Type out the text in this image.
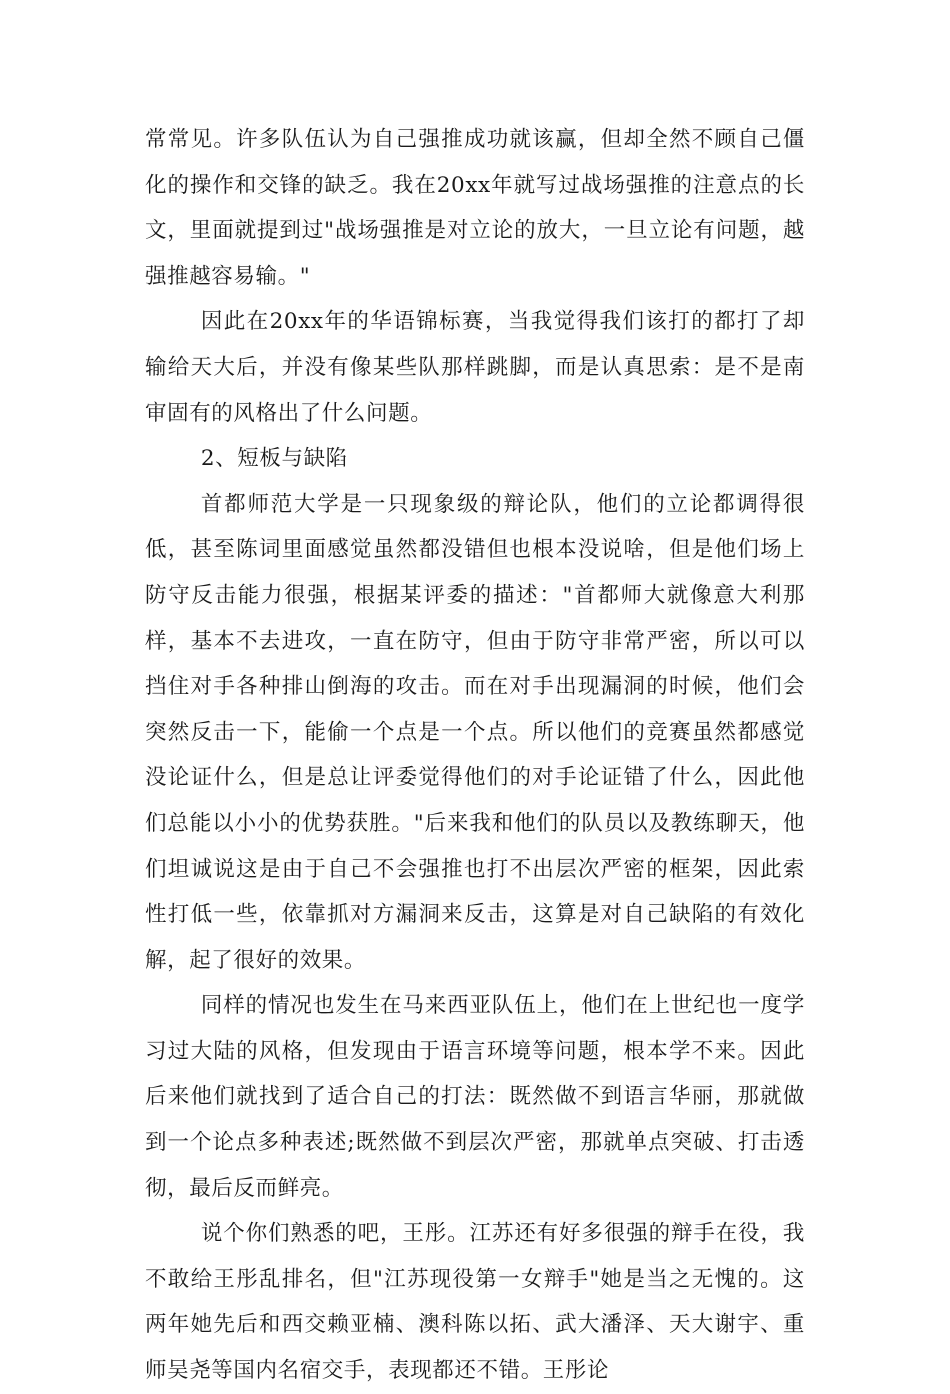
常常见。许多队伍认为自己强推成功就该赢，但却全然不顾自己僵化的操作和交锋的缺乏。我在20xx年就写过战场强推的注意点的长文，里面就提到过"战场强推是对立论的放大，一旦立论有问题，越强推越容易输。"

因此在20xx年的华语锦标赛，当我觉得我们该打的都打了却输给天大后，并没有像某些队那样跳脚，而是认真思索：是不是南审固有的风格出了什么问题。

2、短板与缺陷

首都师范大学是一只现象级的辩论队，他们的立论都调得很低，甚至陈词里面感觉虽然都没错但也根本没说啥，但是他们场上防守反击能力很强，根据某评委的描述："首都师大就像意大利那样，基本不去进攻，一直在防守，但由于防守非常严密，所以可以挡住对手各种排山倒海的攻击。而在对手出现漏洞的时候，他们会突然反击一下，能偷一个点是一个点。所以他们的竞赛虽然都感觉没论证什么，但是总让评委觉得他们的对手论证错了什么，因此他们总能以小小的优势获胜。"后来我和他们的队员以及教练聊天，他们坦诚说这是由于自己不会强推也打不出层次严密的框架，因此索性打低一些，依靠抓对方漏洞来反击，这算是对自己缺陷的有效化解，起了很好的效果。

同样的情况也发生在马来西亚队伍上，他们在上世纪也一度学习过大陆的风格，但发现由于语言环境等问题，根本学不来。因此后来他们就找到了适合自己的打法：既然做不到语言华丽，那就做到一个论点多种表述;既然做不到层次严密，那就单点突破、打击透彻，最后反而鲜亮。

说个你们熟悉的吧，王彤。江苏还有好多很强的辩手在役，我不敢给王彤乱排名，但"江苏现役第一女辩手"她是当之无愧的。这两年她先后和西交赖亚楠、澳科陈以拓、武大潘泽、天大谢宇、重师吴尧等国内名宿交手，表现都还不错。王彤论
